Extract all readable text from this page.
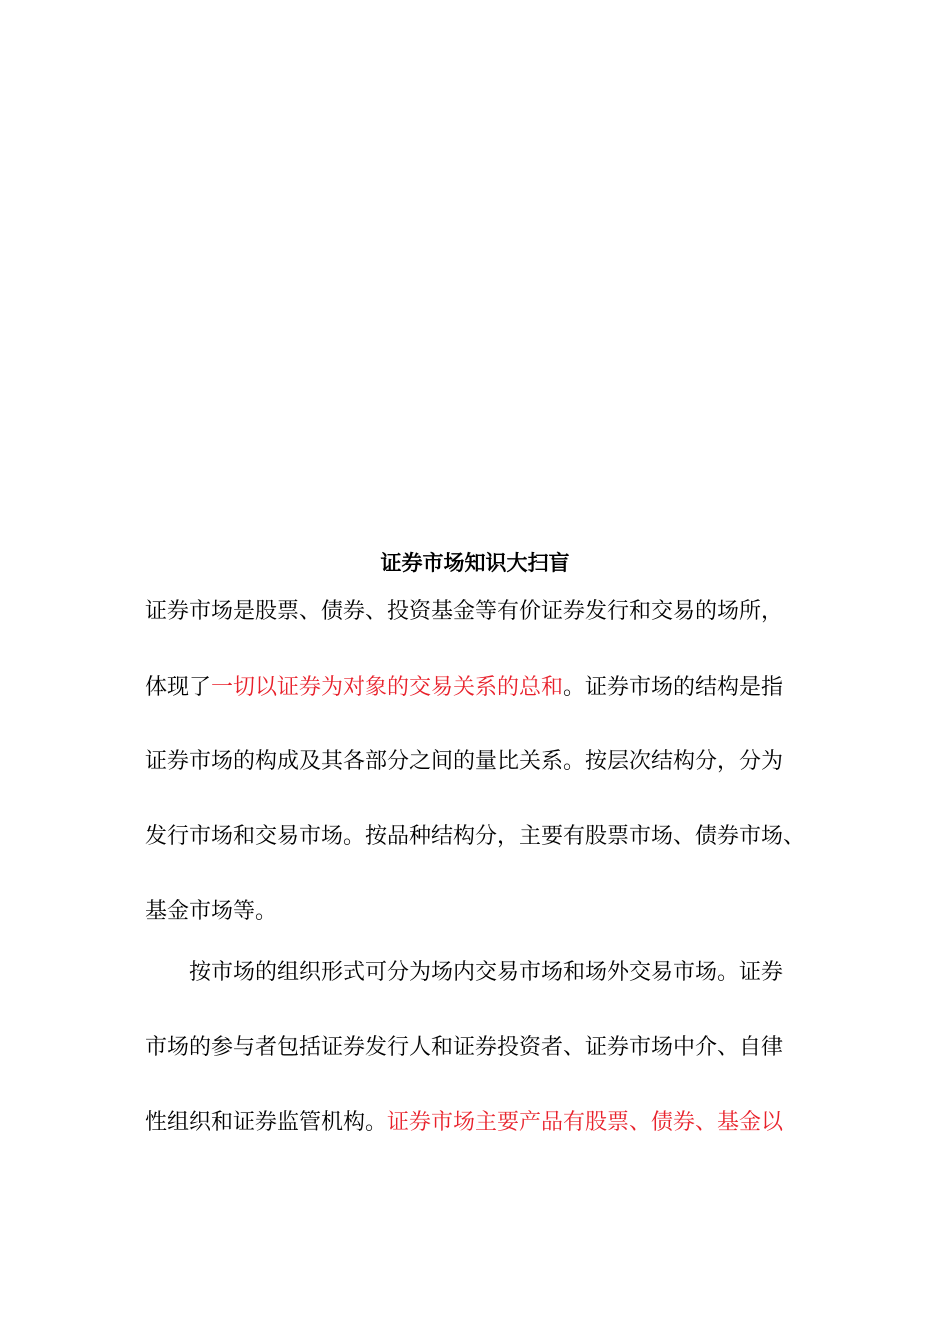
证券市场知识大扫盲
证券市场是股票、债券、投资基金等有价证券发行和交易的场所，
体现了一切以证券为对象的交易关系的总和。证券市场的结构是指
证券市场的构成及其各部分之间的量比关系。按层次结构分，分为
发行市场和交易市场。按品种结构分，主要有股票市场、债券市场、
基金市场等。
按市场的组织形式可分为场内交易市场和场外交易市场。证券
市场的参与者包括证券发行人和证券投资者、证券市场中介、自律
性组织和证券监管机构。证券市场主要产品有股票、债券、基金以
